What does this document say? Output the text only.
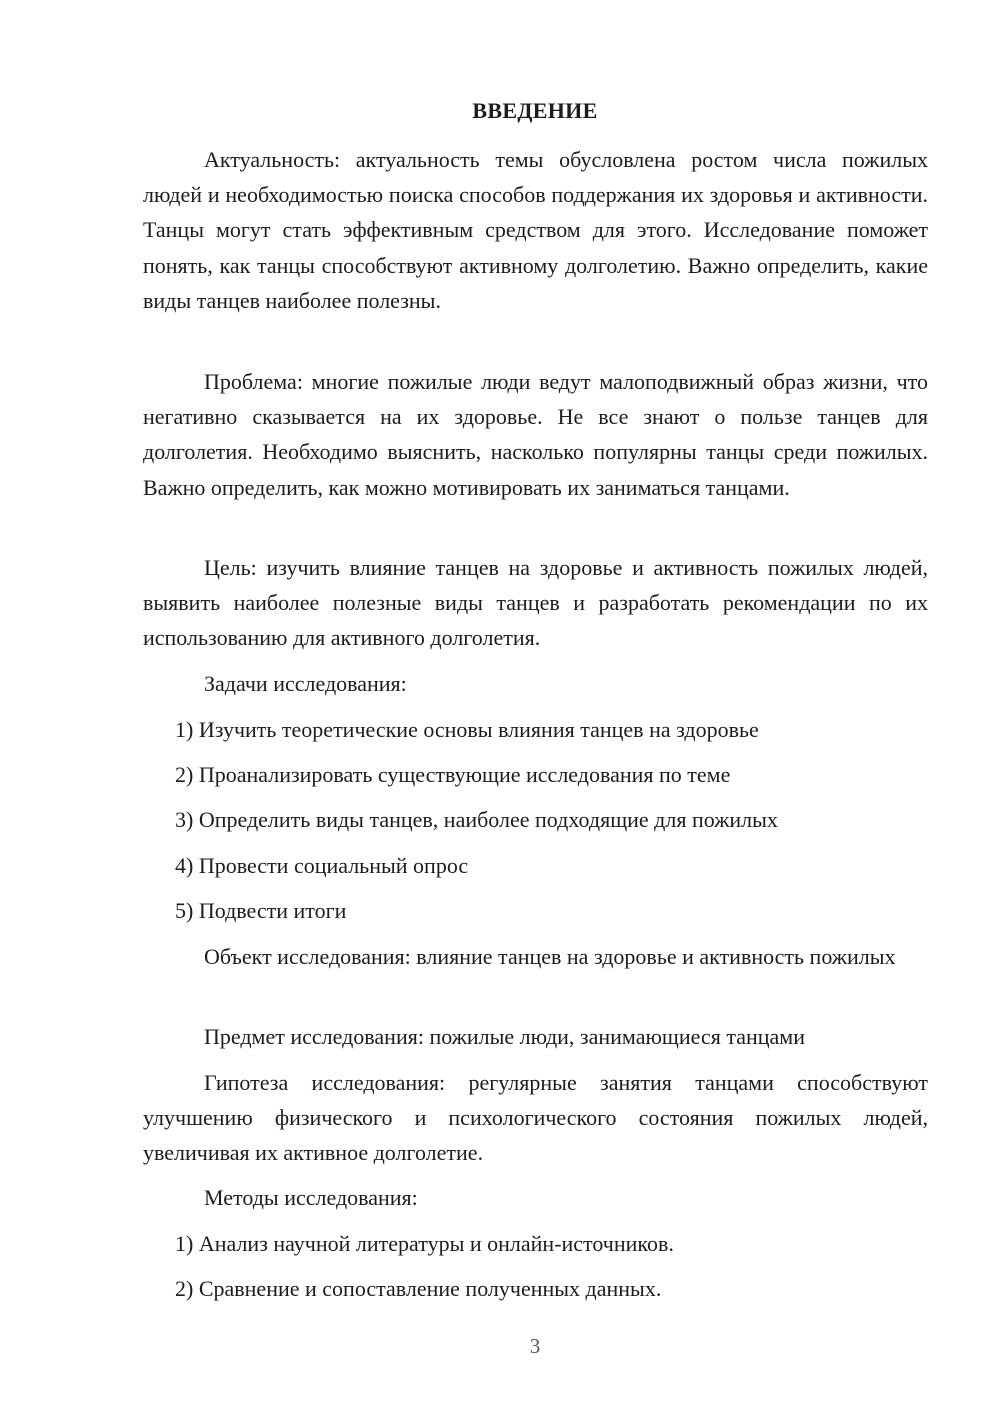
ВВЕДЕНИЕ

Актуальность: актуальность темы обусловлена ростом числа пожилых людей и необходимостью поиска способов поддержания их здоровья и активности. Танцы могут стать эффективным средством для этого. Исследование поможет понять, как танцы способствуют активному долголетию. Важно определить, какие виды танцев наиболее полезны.

Проблема: многие пожилые люди ведут малоподвижный образ жизни, что негативно сказывается на их здоровье. Не все знают о пользе танцев для долголетия. Необходимо выяснить, насколько популярны танцы среди пожилых. Важно определить, как можно мотивировать их заниматься танцами.

Цель: изучить влияние танцев на здоровье и активность пожилых людей, выявить наиболее полезные виды танцев и разработать рекомендации по их использованию для активного долголетия.

Задачи исследования:

1) Изучить теоретические основы влияния танцев на здоровье

2) Проанализировать существующие исследования по теме

3) Определить виды танцев, наиболее подходящие для пожилых

4) Провести социальный опрос

5) Подвести итоги

Объект исследования: влияние танцев на здоровье и активность пожилых

Предмет исследования: пожилые люди, занимающиеся танцами

Гипотеза исследования: регулярные занятия танцами способствуют улучшению физического и психологического состояния пожилых людей, увеличивая их активное долголетие.

Методы исследования:

1) Анализ научной литературы и онлайн-источников.

2) Сравнение и сопоставление полученных данных.

3
